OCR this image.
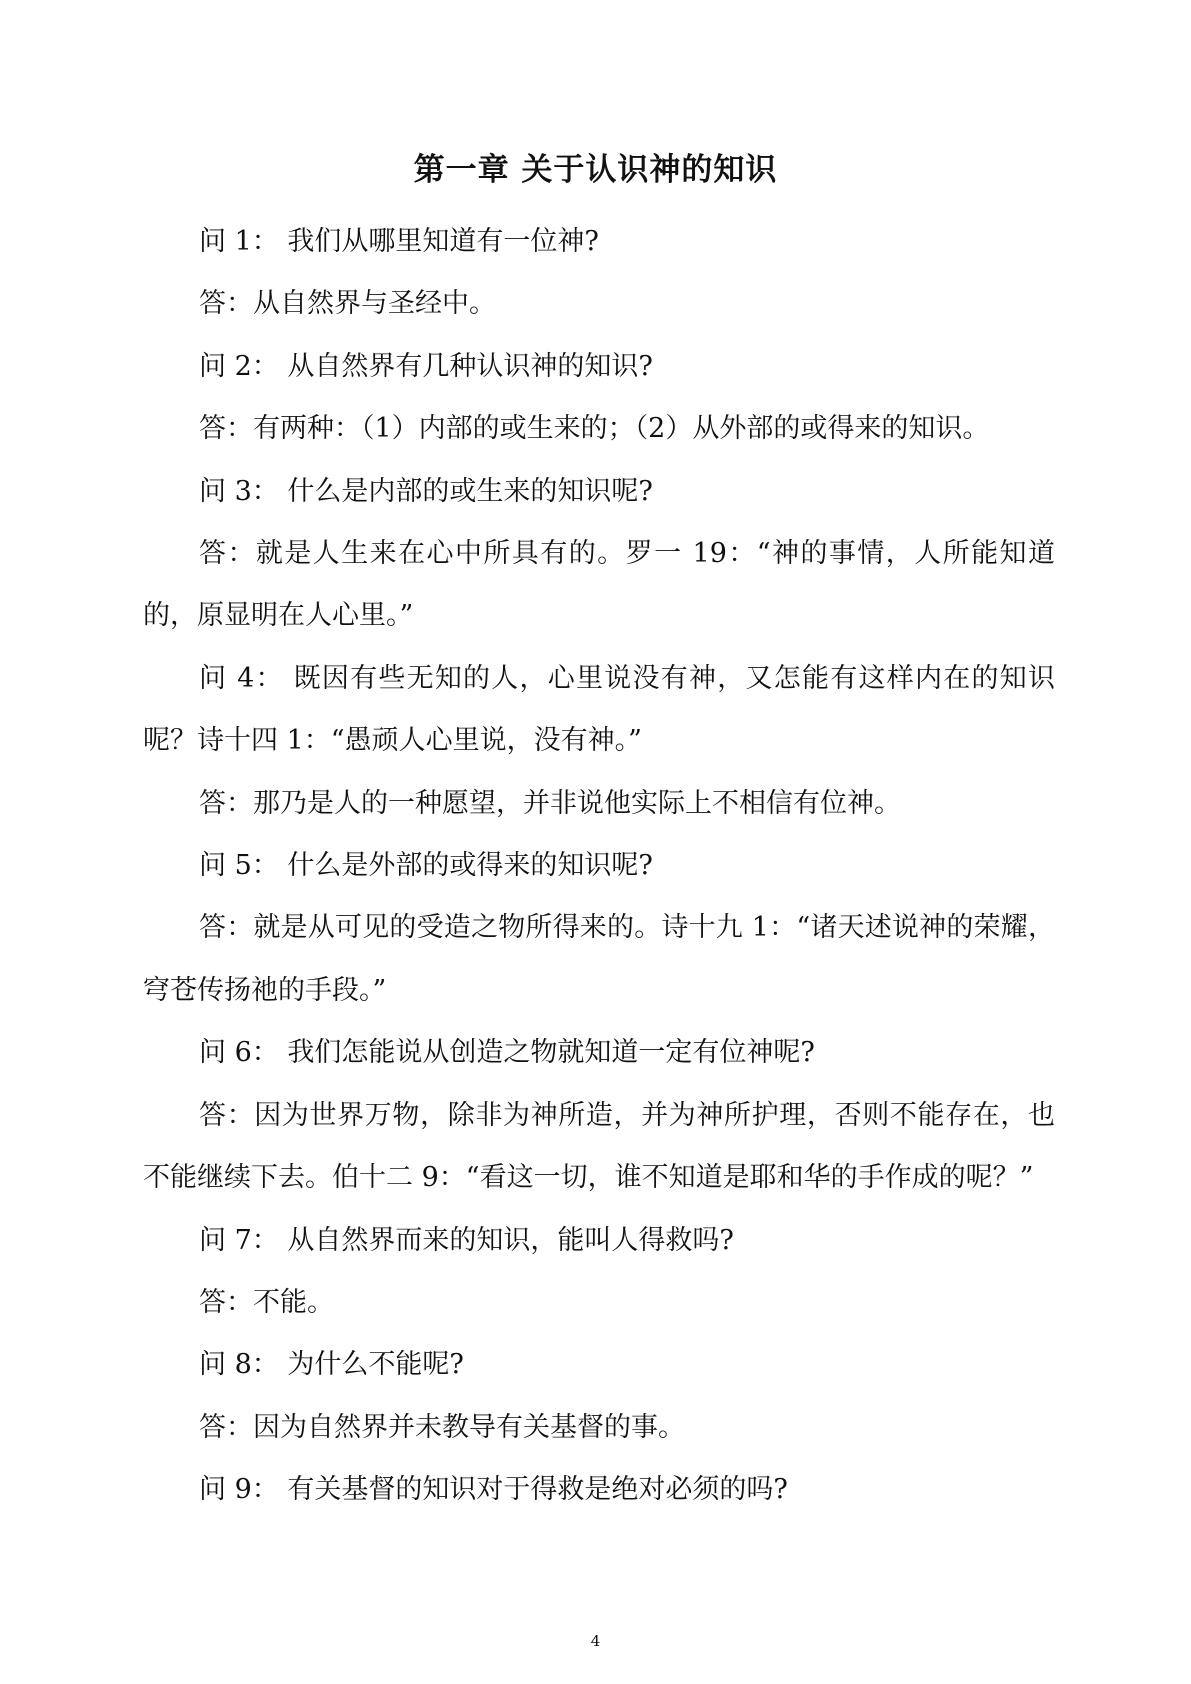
第一章 关于认识神的知识

问 1： 我们从哪里知道有一位神?

答：从自然界与圣经中。

问 2： 从自然界有几种认识神的知识?

答：有两种：（1）内部的或生来的；（2）从外部的或得来的知识。

问 3： 什么是内部的或生来的知识呢?

答：就是人生来在心中所具有的。罗一 19：“神的事情，人所能知道的，原显明在人心里。”

问 4： 既因有些无知的人，心里说没有神，又怎能有这样内在的知识呢？诗十四 1：“愚顽人心里说，没有神。”

答：那乃是人的一种愿望，并非说他实际上不相信有位神。

问 5： 什么是外部的或得来的知识呢?

答：就是从可见的受造之物所得来的。诗十九 1：“诸天述说神的荣耀，穹苍传扬祂的手段。”

问 6： 我们怎能说从创造之物就知道一定有位神呢?

答：因为世界万物，除非为神所造，并为神所护理，否则不能存在，也不能继续下去。伯十二 9：“看这一切，谁不知道是耶和华的手作成的呢？”

问 7： 从自然界而来的知识，能叫人得救吗?

答：不能。

问 8： 为什么不能呢?

答：因为自然界并未教导有关基督的事。

问 9： 有关基督的知识对于得救是绝对必须的吗?

4
